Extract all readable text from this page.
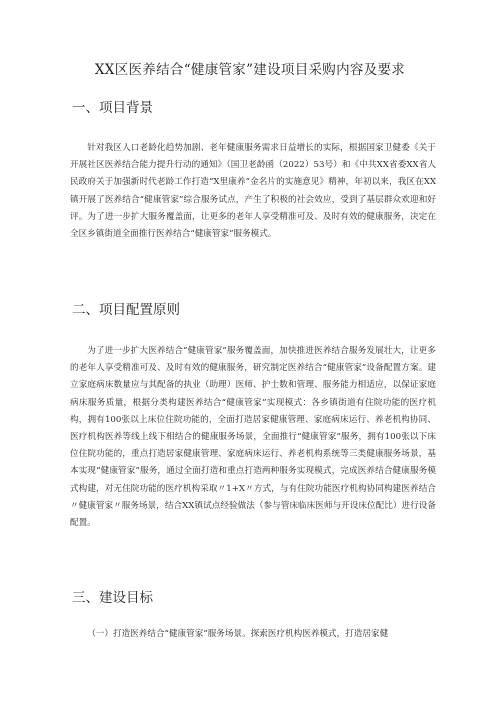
XX区医养结合“健康管家”建设项目采购内容及要求
一、项目背景

针对我区人口老龄化趋势加剧、老年健康服务需求日益增长的实际，根据国家卫健委《关于开展社区医养结合能力提升行动的通知》（国卫老龄函（2022）53号）和《中共XX省委XX省人民政府关于加强新时代老龄工作打造“X里康养”金名片的实施意见》精神，年初以来，我区在XX镇开展了医养结合“健康管家”综合服务试点，产生了积极的社会效应，受到了基层群众欢迎和好评。为了进一步扩大服务覆盖面，让更多的老年人享受精准可及、及时有效的健康服务，决定在全区乡镇街道全面推行医养结合“健康管家”服务模式。

二、项目配置原则

为了进一步扩大医养结合“健康管家”服务覆盖面，加快推进医养结合服务发展壮大，让更多的老年人享受精准可及、及时有效的健康服务，研究制定医养结合“健康管家”设备配置方案。建立家庭病床数量应与其配备的执业（助理）医师、护士数和管理、服务能力相适应，以保证家庭病床服务质量，根据分类构建医养结合“健康管家”实现模式：各乡镇街道有住院功能的医疗机构，拥有100张以上床位住院功能的，全面打造居家健康管理、家庭病床运行、养老机构协同、医疗机构医养等线上线下相结合的健康服务场景，全面推行“健康管家”服务，拥有100张以下床位住院功能的，重点打造居家健康管理、家庭病床运行、养老机构系统等三类健康服务场景，基本实现“健康管家”服务，通过全面打造和重点打造两种服务实现模式，完成医养结合健康服务模式构建，对无住院功能的医疗机构采取〃1+X〃方式，与有住院功能医疗机构协同构建医养结合〃健康管家〃服务场景，结合XX镇试点经验做法（参与管床临床医师与开设床位配比）进行设备配置。

三、建设目标

（一）打造医养结合“健康管家”服务场景。探索医疗机构医养模式，打造居家健
